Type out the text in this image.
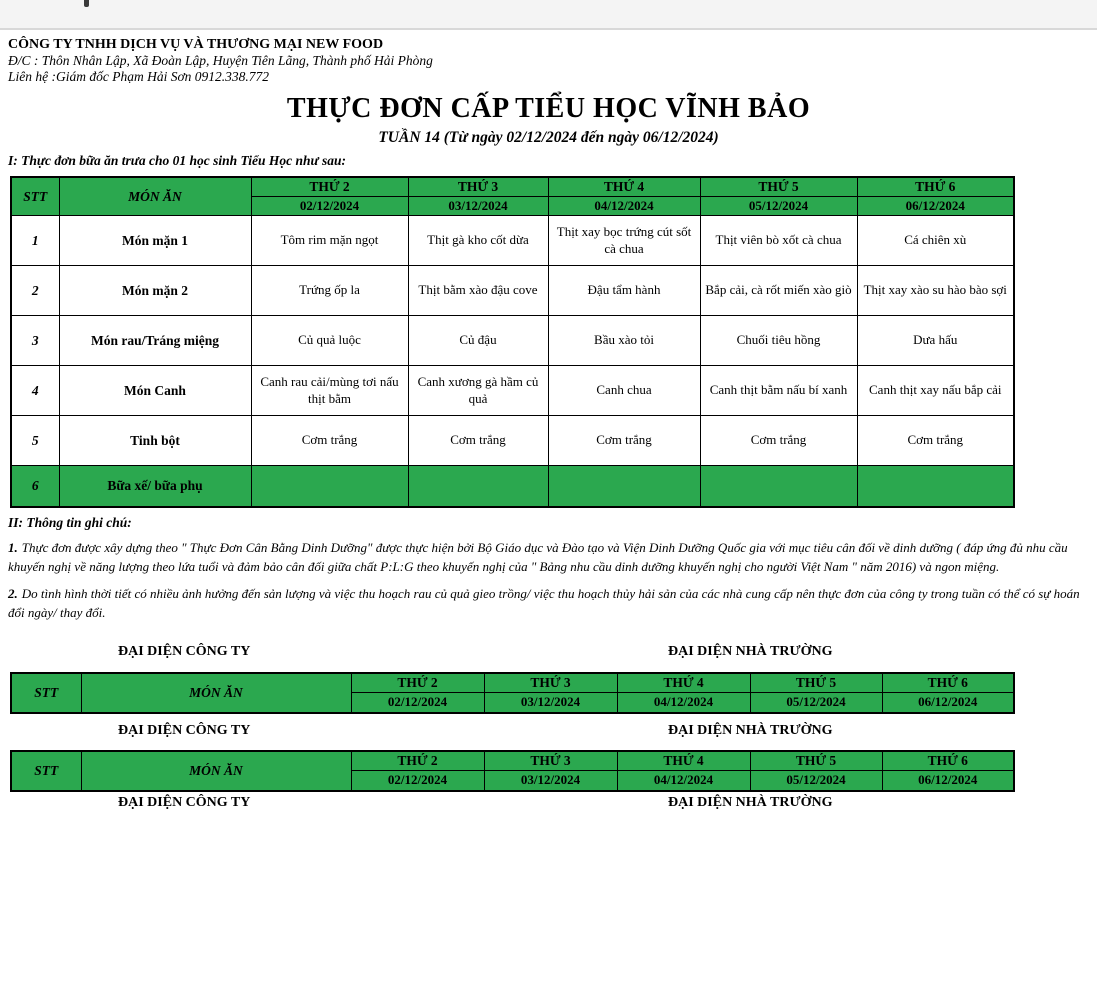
CÔNG TY TNHH DỊCH VỤ VÀ THƯƠNG MẠI NEW FOOD
Đ/C : Thôn Nhân Lập, Xã Đoàn Lập, Huyện Tiên Lãng, Thành phố Hải Phòng
Liên hệ :Giám đốc Phạm Hải Sơn 0912.338.772
THỰC ĐƠN CẤP TIỂU HỌC VĨNH BẢO
TUẦN 14 (Từ ngày 02/12/2024 đến ngày 06/12/2024)
I: Thực đơn bữa ăn trưa cho 01 học sinh Tiểu Học như sau:
STT	MÓN ĂN	THỨ 2	THỨ 3	THỨ 4	THỨ 5	THỨ 6
		02/12/2024	03/12/2024	04/12/2024	05/12/2024	06/12/2024
1	Món mặn 1	Tôm rim mặn ngọt	Thịt gà kho cốt dừa	Thịt xay bọc trứng cút sốt cà chua	Thịt viên bò xốt cà chua	Cá chiên xù
2	Món mặn 2	Trứng ốp la	Thịt bằm xào đậu cove	Đậu tẩm hành	Bắp cải, cà rốt miến xào giò	Thịt xay xào su hào bào sợi
3	Món rau/Tráng miệng	Củ quả luộc	Củ đậu	Bầu xào tỏi	Chuối tiêu hồng	Dưa hấu
4	Món Canh	Canh rau cải/mùng tơi nấu thịt bằm	Canh xương gà hầm củ quả	Canh chua	Canh thịt bằm nấu bí xanh	Canh thịt xay nấu bắp cải
5	Tinh bột	Cơm trắng	Cơm trắng	Cơm trắng	Cơm trắng	Cơm trắng
6	Bữa xế/ bữa phụ					
II: Thông tin ghi chú:

1. Thực đơn được xây dựng theo " Thực Đơn Cân Bằng Dinh Dưỡng" được thực hiện bởi Bộ Giáo dục và Đào tạo và Viện Dinh Dưỡng Quốc gia với mục tiêu cân đối về dinh dưỡng ( đáp ứng đủ nhu cầu khuyến nghị về năng lượng theo lứa tuổi và đảm bảo cân đối giữa chất P:L:G theo khuyến nghị của " Bảng nhu cầu dinh dưỡng khuyến nghị cho người Việt Nam " năm 2016) và ngon miệng.

2. Do tình hình thời tiết có nhiều ảnh hưởng đến sản lượng và việc thu hoạch rau củ quả gieo trồng/ việc thu hoạch thủy hải sản của các nhà cung cấp nên thực đơn của công ty trong tuần có thể có sự hoán đổi ngày/ thay đổi.

ĐẠI DIỆN CÔNG TY	ĐẠI DIỆN NHÀ TRƯỜNG
STT	MÓN ĂN	THỨ 2	THỨ 3	THỨ 4	THỨ 5	THỨ 6
		02/12/2024	03/12/2024	04/12/2024	05/12/2024	06/12/2024
ĐẠI DIỆN CÔNG TY	ĐẠI DIỆN NHÀ TRƯỜNG
STT	MÓN ĂN	THỨ 2	THỨ 3	THỨ 4	THỨ 5	THỨ 6
		02/12/2024	03/12/2024	04/12/2024	05/12/2024	06/12/2024
ĐẠI DIỆN CÔNG TY	ĐẠI DIỆN NHÀ TRƯỜNG
